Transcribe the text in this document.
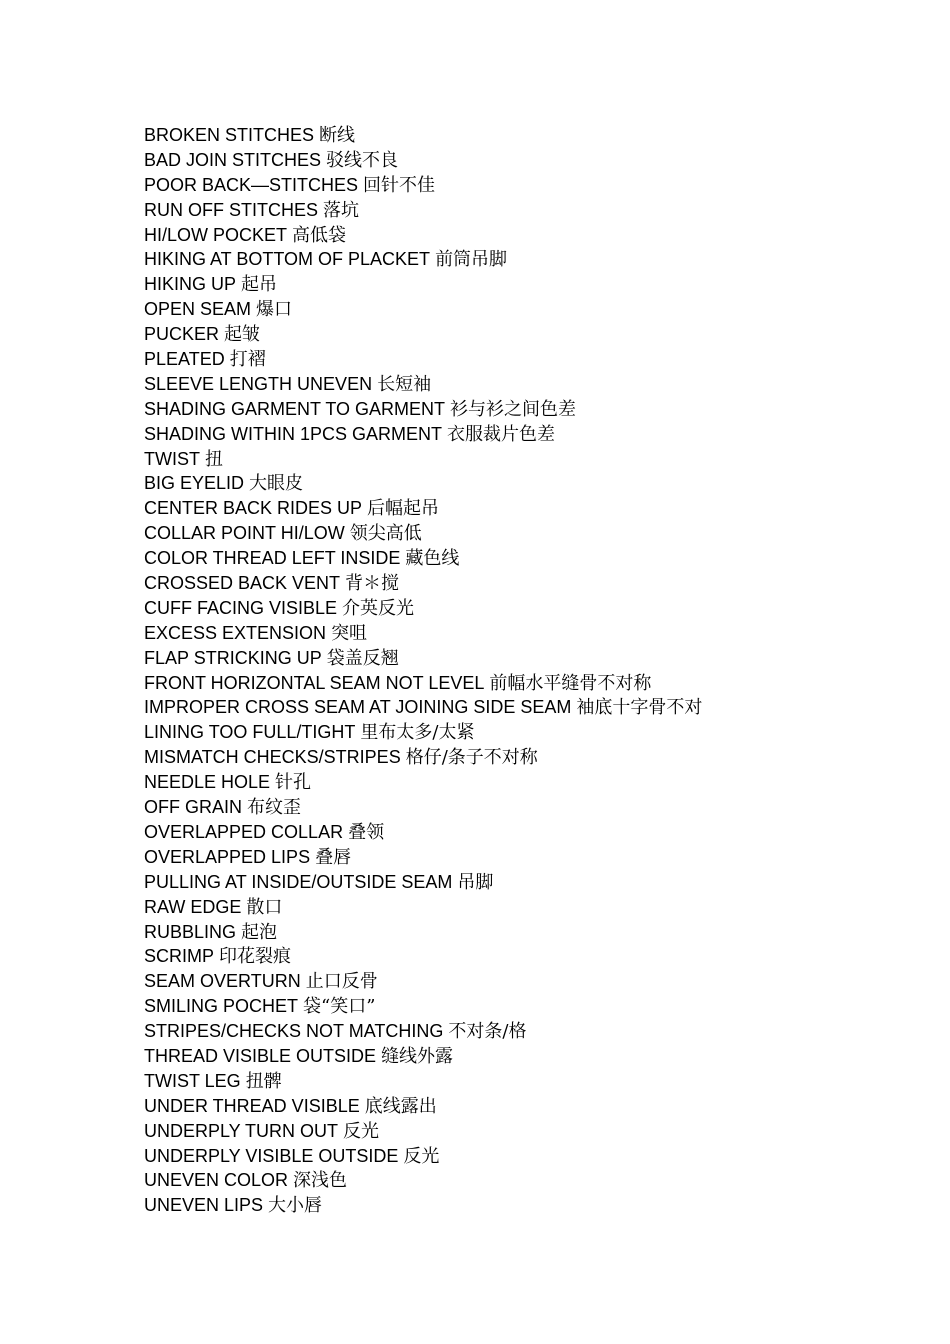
BROKEN STITCHES 断线
BAD JOIN STITCHES 驳线不良
POOR BACK—STITCHES 回针不佳
RUN OFF STITCHES 落坑
HI/LOW POCKET 高低袋
HIKING AT BOTTOM OF PLACKET 前筒吊脚
HIKING UP 起吊
OPEN SEAM 爆口
PUCKER 起皱
PLEATED 打褶
SLEEVE LENGTH UNEVEN 长短袖
SHADING GARMENT TO GARMENT 衫与衫之间色差
SHADING WITHIN 1PCS GARMENT 衣服裁片色差
TWIST 扭
BIG EYELID 大眼皮
CENTER BACK RIDES UP 后幅起吊
COLLAR POINT HI/LOW 领尖高低
COLOR THREAD LEFT INSIDE 藏色线
CROSSED BACK VENT 背＊搅
CUFF FACING VISIBLE 介英反光
EXCESS EXTENSION 突咀
FLAP STRICKING UP 袋盖反翘
FRONT HORIZONTAL SEAM NOT LEVEL 前幅水平缝骨不对称
IMPROPER CROSS SEAM AT JOINING SIDE SEAM 袖底十字骨不对
LINING TOO FULL/TIGHT 里布太多/太紧
MISMATCH CHECKS/STRIPES 格仔/条子不对称
NEEDLE HOLE 针孔
OFF GRAIN 布纹歪
OVERLAPPED COLLAR 叠领
OVERLAPPED LIPS 叠唇
PULLING AT INSIDE/OUTSIDE SEAM 吊脚
RAW EDGE 散口
RUBBLING 起泡
SCRIMP 印花裂痕
SEAM OVERTURN 止口反骨
SMILING POCHET 袋“笑口”
STRIPES/CHECKS NOT MATCHING 不对条/格
THREAD VISIBLE OUTSIDE 缝线外露
TWIST LEG 扭髀
UNDER THREAD VISIBLE 底线露出
UNDERPLY TURN OUT 反光
UNDERPLY VISIBLE OUTSIDE 反光
UNEVEN COLOR 深浅色
UNEVEN LIPS 大小唇
